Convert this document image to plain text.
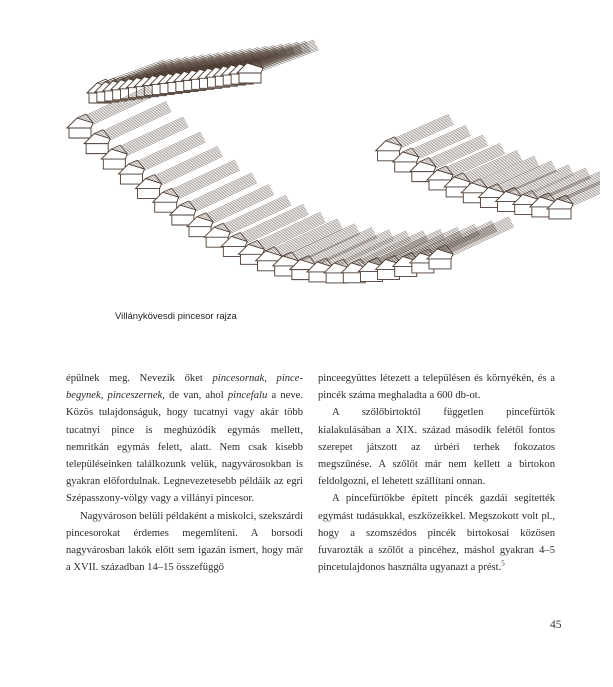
Villánykövesdi pincesor rajza

épülnek meg. Nevezik őket pincesornak, pince-begynek, pinceszernek, de van, ahol pincefalu a neve. Közös tulajdonságuk, hogy tucatnyi vagy akár több tucatnyi pince is meghúzódik egymás mellett, nemritkán egymás felett, alatt. Nem csak kisebb településeinken találkozunk velük, nagyvárosokban is gyakran előfordulnak. Legnevezetesebb példáik az egri Szépasszony-völgy vagy a villányi pincesor.

Nagyvároson belüli példaként a miskolci, szekszárdi pincesorokat érdemes megemlíteni. A borsodi nagyvárosban lakók előtt sem igazán ismert, hogy már a XVII. században 14–15 összefüggő

pinceegyüttes létezett a településen és környékén, és a pincék száma meghaladta a 600 db-ot.

A szőlőbirtoktól független pincefürtök kialakulásában a XIX. század második felétől fontos szerepet játszott az úrbéri terhek fokozatos megszűnése. A szőlőt már nem kellett a birtokon feldolgozni, el lehetett szállítani onnan.

A pincefürtökbe épített pincék gazdái segítették egymást tudásukkal, eszközeikkel. Megszokott volt pl., hogy a szomszédos pincék birtokosai közösen fuvarozták a szőlőt a pincéhez, máshol gyakran 4–5 pincetulajdonos használta ugyanazt a prést.$^5$

45
